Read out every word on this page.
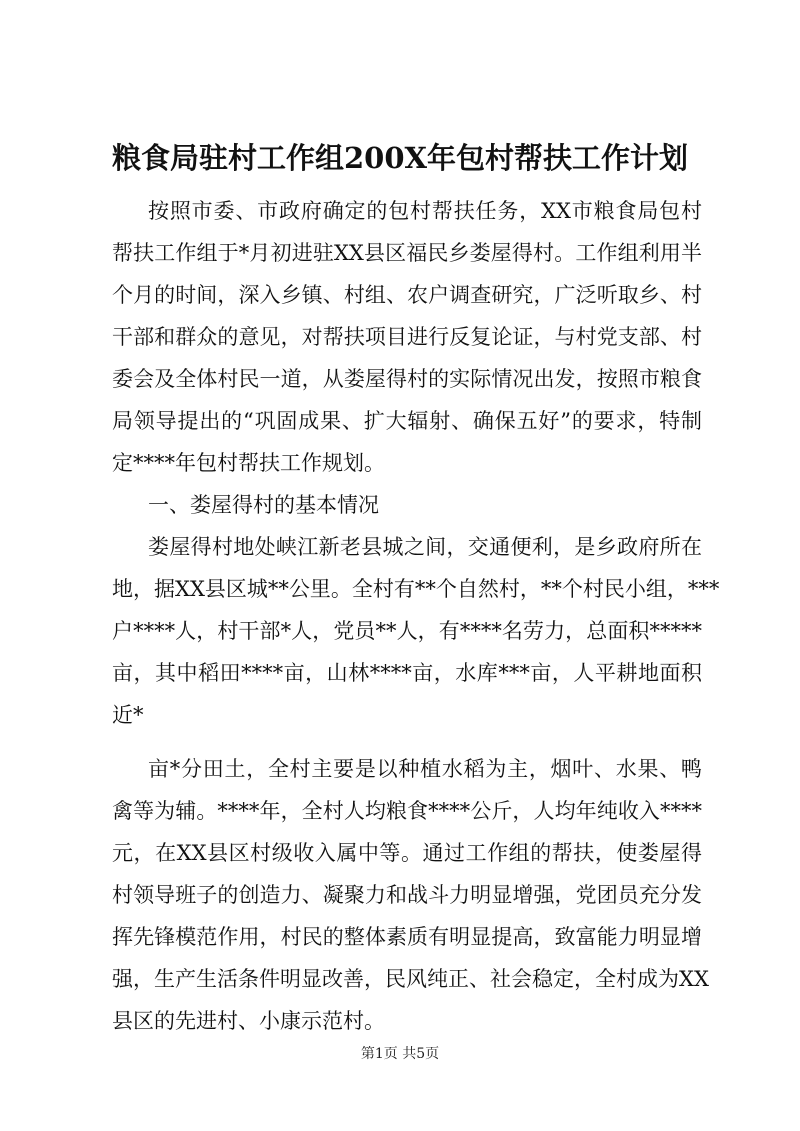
粮食局驻村工作组200X年包村帮扶工作计划
按照市委、市政府确定的包村帮扶任务，XX市粮食局包村
帮扶工作组于*月初进驻XX县区福民乡娄屋得村。工作组利用半
个月的时间，深入乡镇、村组、农户调查研究，广泛听取乡、村
干部和群众的意见，对帮扶项目进行反复论证，与村党支部、村
委会及全体村民一道，从娄屋得村的实际情况出发，按照市粮食
局领导提出的“巩固成果、扩大辐射、确保五好”的要求，特制
定****年包村帮扶工作规划。
一、娄屋得村的基本情况
娄屋得村地处峡江新老县城之间，交通便利，是乡政府所在
地，据XX县区城**公里。全村有**个自然村，**个村民小组，***
户****人，村干部*人，党员**人，有****名劳力，总面积*****
亩，其中稻田****亩，山林****亩，水库***亩，人平耕地面积
近*
亩*分田土，全村主要是以种植水稻为主，烟叶、水果、鸭
禽等为辅。****年，全村人均粮食****公斤，人均年纯收入****
元，在XX县区村级收入属中等。通过工作组的帮扶，使娄屋得
村领导班子的创造力、凝聚力和战斗力明显增强，党团员充分发
挥先锋模范作用，村民的整体素质有明显提高，致富能力明显增
强，生产生活条件明显改善，民风纯正、社会稳定，全村成为XX
县区的先进村、小康示范村。
第1页 共5页
